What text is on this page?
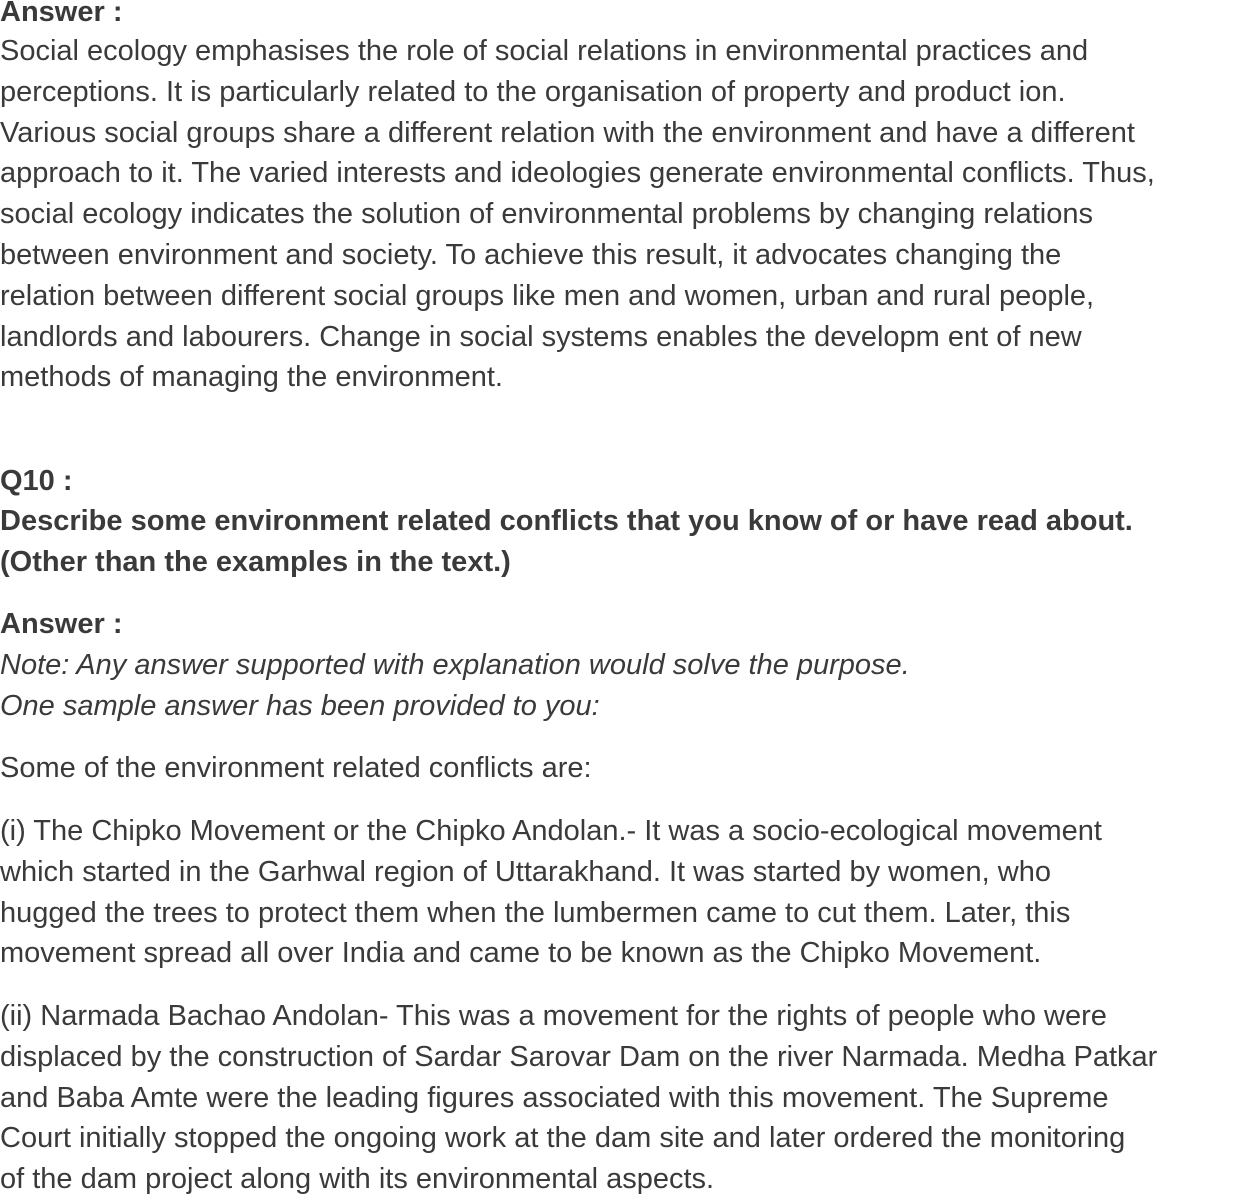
Answer :

Social ecology emphasises the role of social relations in environmental practices and
perceptions. It is particularly related to the organisation of property and product ion.
Various social groups share a different relation with the environment and have a different
approach to it. The varied interests and ideologies generate environmental conflicts. Thus,
social ecology indicates the solution of environmental problems by changing relations
between environment and society. To achieve this result, it advocates changing the
relation between different social groups like men and women, urban and rural people,
landlords and labourers. Change in social systems enables the developm ent of new
methods of managing the environment.

Q10 :

Describe some environment related conflicts that you know of or have read about.
(Other than the examples in the text.)

Answer :

Note: Any answer supported with explanation would solve the purpose.
One sample answer has been provided to you:

Some of the environment related conflicts are:

(i) The Chipko Movement or the Chipko Andolan.- It was a socio-ecological movement
which started in the Garhwal region of Uttarakhand. It was started by women, who
hugged the trees to protect them when the lumbermen came to cut them. Later, this
movement spread all over India and came to be known as the Chipko Movement.

(ii) Narmada Bachao Andolan- This was a movement for the rights of people who were
displaced by the construction of Sardar Sarovar Dam on the river Narmada. Medha Patkar
and Baba Amte were the leading figures associated with this movement. The Supreme
Court initially stopped the ongoing work at the dam site and later ordered the monitoring
of the dam project along with its environmental aspects.
